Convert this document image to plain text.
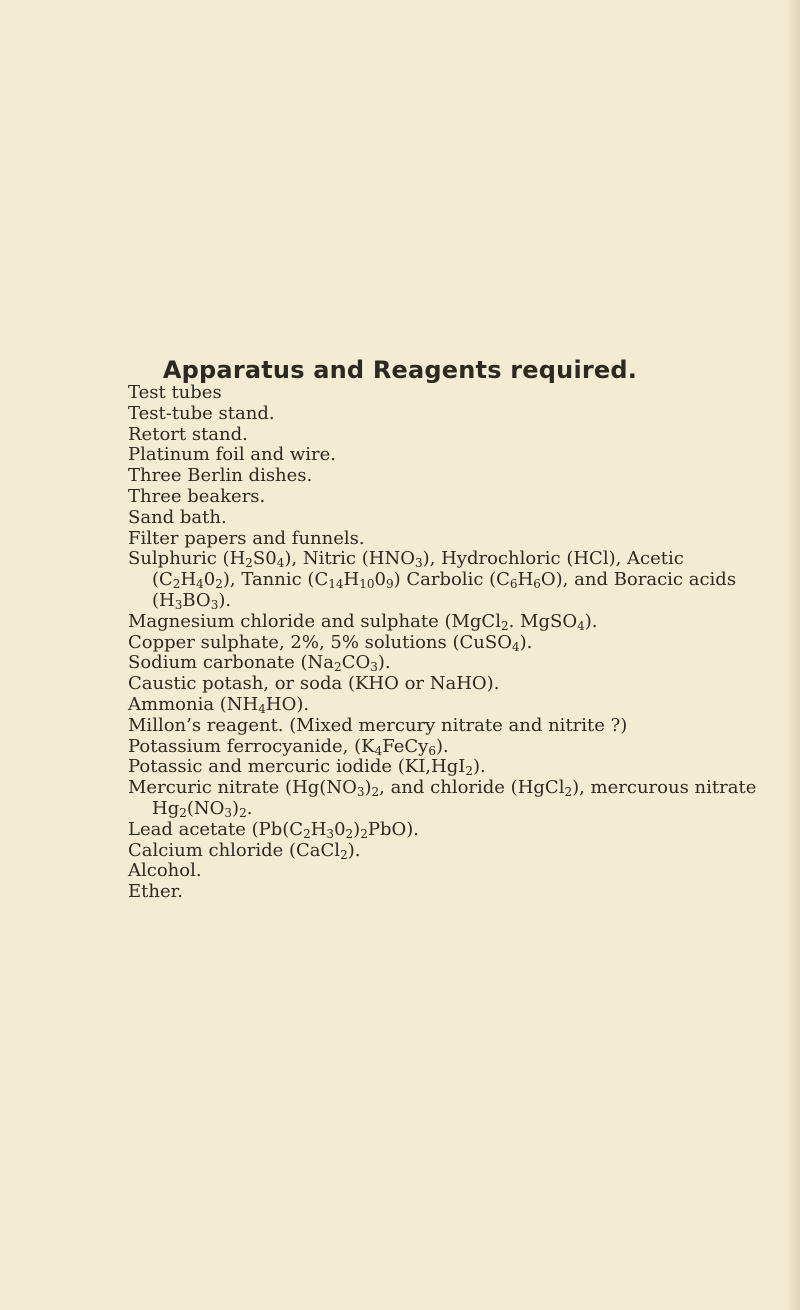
Apparatus and Reagents required.
Test tubes
Test-tube stand.
Retort stand.
Platinum foil and wire.
Three Berlin dishes.
Three beakers.
Sand bath.
Filter papers and funnels.
Sulphuric $(H_2S0_4)$, Nitric $(HNO_3)$, Hydrochloric (HCl), Acetic $(C_2H_40_2)$, Tannic $(C_{14}H_{10}0_9)$ Carbolic $(C_6H_6O)$, and Boracic acids $(H_3BO_3)$.
Magnesium chloride and sulphate (MgCl$_2$. MgSO$_4$).
Copper sulphate, 2%, 5% solutions (CuSO$_4$).
Sodium carbonate $(Na_2CO_3)$.
Caustic potash, or soda (KHO or NaHO).
Ammonia $(NH_4HO)$.
Millon’s reagent. (Mixed mercury nitrate and nitrite ?)
Potassium ferrocyanide, $(K_4FeCy_6)$.
Potassic and mercuric iodide (KI,HgI$_2$).
Mercuric nitrate ($Hg(NO_3)_2$, and chloride (HgCl$_2$), mercurous nitrate $Hg_2(NO_3)_2$.
Lead acetate $(Pb(C_2H_30_2)_2PbO)$.
Calcium chloride (CaCl$_2$).
Alcohol.
Ether.
